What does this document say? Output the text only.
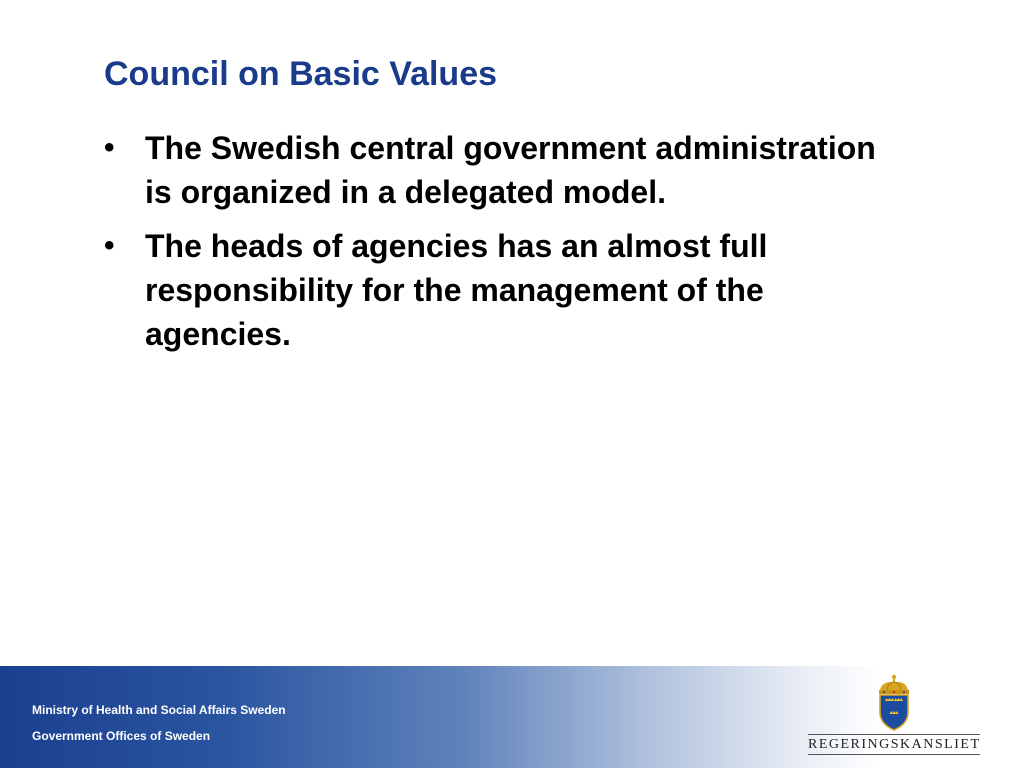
Council on Basic Values
• The Swedish central government administration is organized in a delegated model.
• The heads of agencies has an almost full responsibility for the management of the agencies.
Ministry of Health and Social Affairs Sweden
Government Offices of Sweden
REGERINGSKANSLIET
